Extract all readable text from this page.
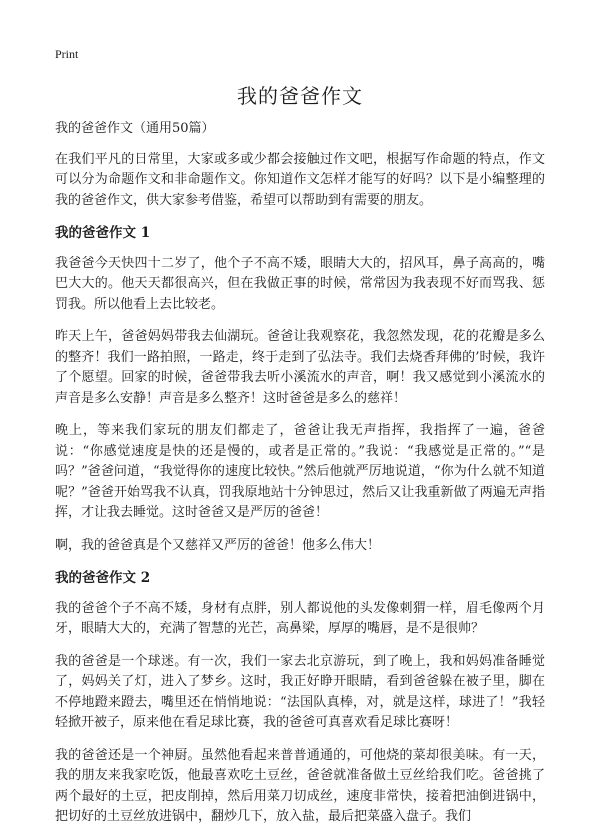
Print
我的爸爸作文

我的爸爸作文（通用50篇）

在我们平凡的日常里，大家或多或少都会接触过作文吧，根据写作命题的特点，作文可以分为命题作文和非命题作文。你知道作文怎样才能写的好吗？以下是小编整理的我的爸爸作文，供大家参考借鉴，希望可以帮助到有需要的朋友。

我的爸爸作文 1

我爸爸今天快四十二岁了，他个子不高不矮，眼睛大大的，招风耳，鼻子高高的，嘴巴大大的。他天天都很高兴，但在我做正事的时候，常常因为我表现不好而骂我、惩罚我。所以他看上去比较老。

昨天上午，爸爸妈妈带我去仙湖玩。爸爸让我观察花，我忽然发现，花的花瓣是多么的整齐！我们一路拍照，一路走，终于走到了弘法寺。我们去烧香拜佛的’时候，我许了个愿望。回家的时候，爸爸带我去听小溪流水的声音，啊！我又感觉到小溪流水的声音是多么安静！声音是多么整齐！这时爸爸是多么的慈祥！

晚上，等来我们家玩的朋友们都走了，爸爸让我无声指挥，我指挥了一遍，爸爸说：“你感觉速度是快的还是慢的，或者是正常的。”我说：“我感觉是正常的。”“是吗？”爸爸问道，“我觉得你的速度比较快。”然后他就严厉地说道，“你为什么就不知道呢？”爸爸开始骂我不认真，罚我原地站十分钟思过，然后又让我重新做了两遍无声指挥，才让我去睡觉。这时爸爸又是严厉的爸爸！

啊，我的爸爸真是个又慈祥又严厉的爸爸！他多么伟大！

我的爸爸作文 2

我的爸爸个子不高不矮，身材有点胖，别人都说他的头发像刺猬一样，眉毛像两个月牙，眼睛大大的，充满了智慧的光芒，高鼻梁，厚厚的嘴唇，是不是很帅？

我的爸爸是一个球迷。有一次，我们一家去北京游玩，到了晚上，我和妈妈准备睡觉了，妈妈关了灯，进入了梦乡。这时，我正好睁开眼睛，看到爸爸躲在被子里，脚在不停地蹬来蹬去，嘴里还在悄悄地说：“法国队真棒，对，就是这样，球进了！”我轻轻掀开被子，原来他在看足球比赛，我的爸爸可真喜欢看足球比赛呀！

我的爸爸还是一个神厨。虽然他看起来普普通通的，可他烧的菜却很美味。有一天，我的朋友来我家吃饭，他最喜欢吃土豆丝，爸爸就准备做土豆丝给我们吃。爸爸挑了两个最好的土豆，把皮削掉，然后用菜刀切成丝，速度非常快，接着把油倒进锅中，把切好的土豆丝放进锅中，翻炒几下，放入盐，最后把菜盛入盘子。我们
